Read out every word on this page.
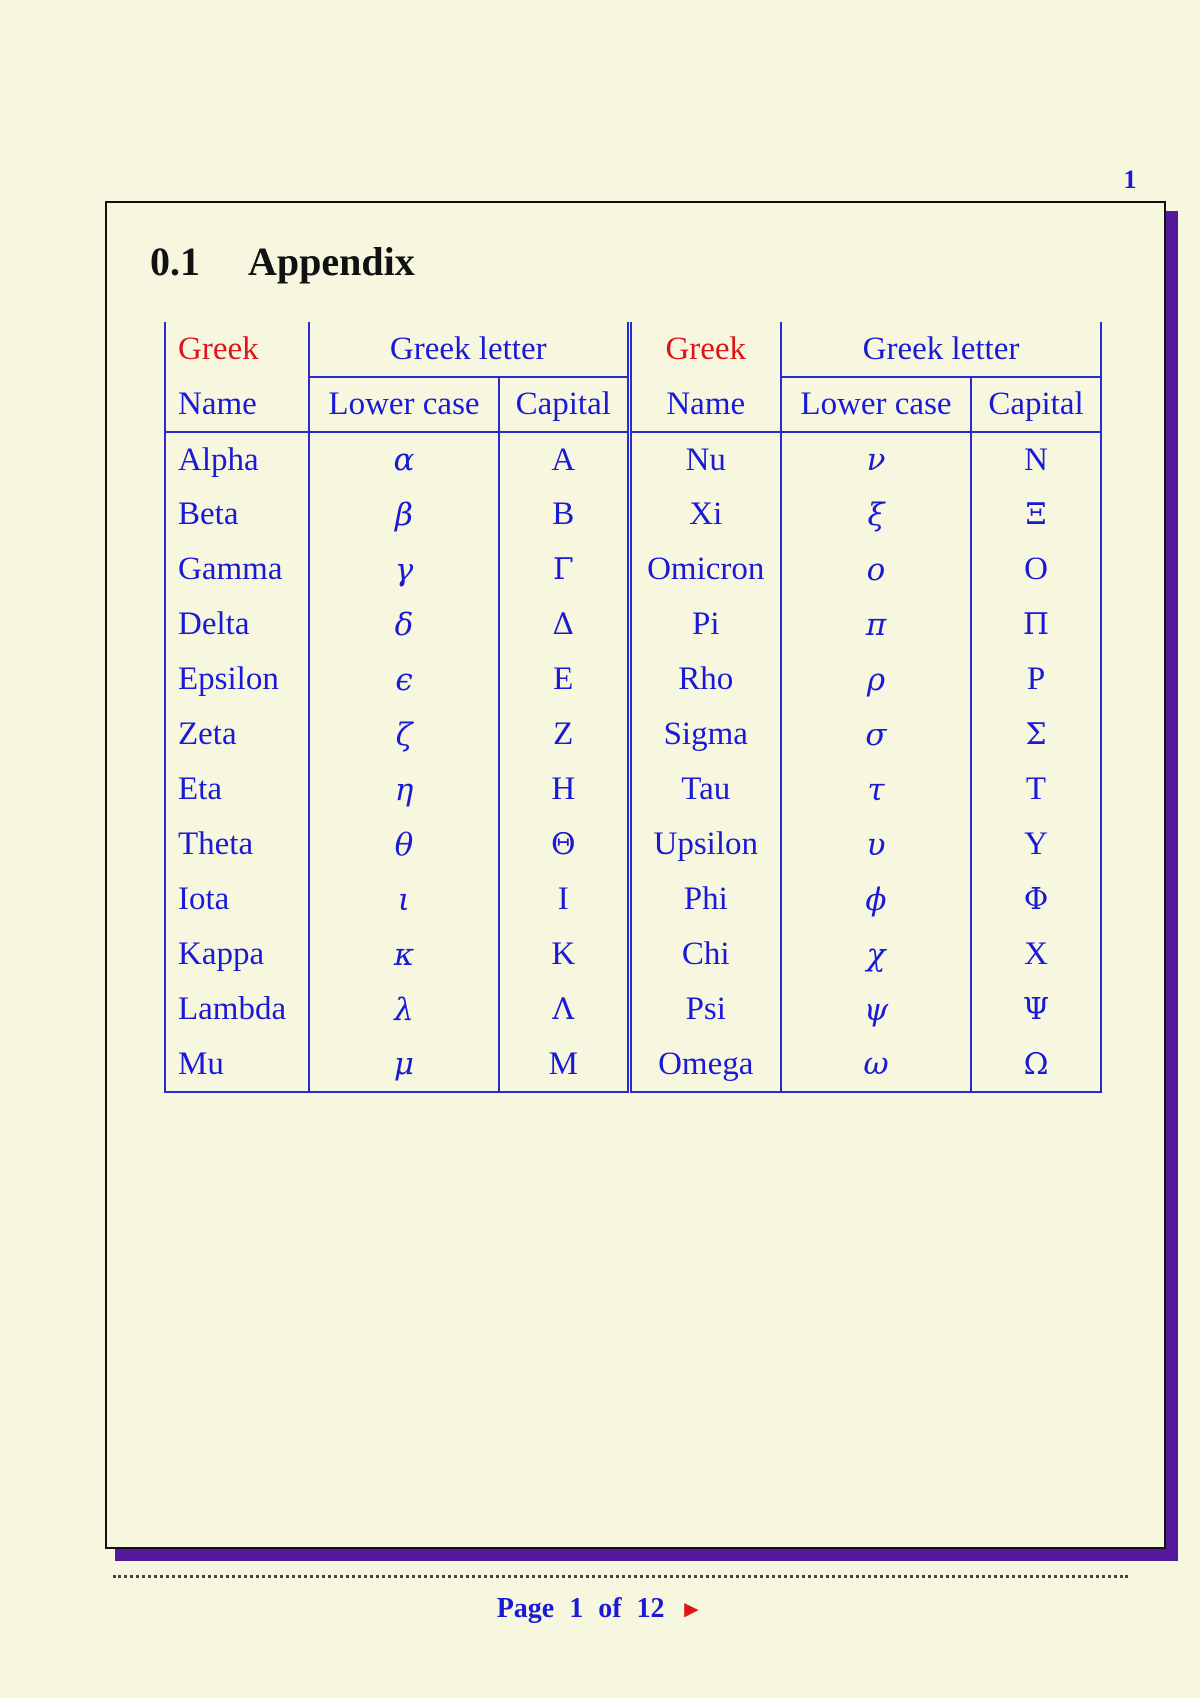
1
0.1 Appendix
Greek	Greek letter		Greek	Greek letter	
Name	Lower case	Capital	Name	Lower case	Capital
Alpha	α	A	Nu	ν	N
Beta	β	B	Xi	ξ	Ξ
Gamma	γ	Γ	Omicron	ο	O
Delta	δ	Δ	Pi	π	Π
Epsilon	ϵ	E	Rho	ρ	P
Zeta	ζ	Z	Sigma	σ	Σ
Eta	η	H	Tau	τ	T
Theta	θ	Θ	Upsilon	υ	Υ
Iota	ι	I	Phi	ϕ	Φ
Kappa	κ	K	Chi	χ	X
Lambda	λ	Λ	Psi	ψ	Ψ
Mu	μ	M	Omega	ω	Ω
Page 1 of 12 ►
